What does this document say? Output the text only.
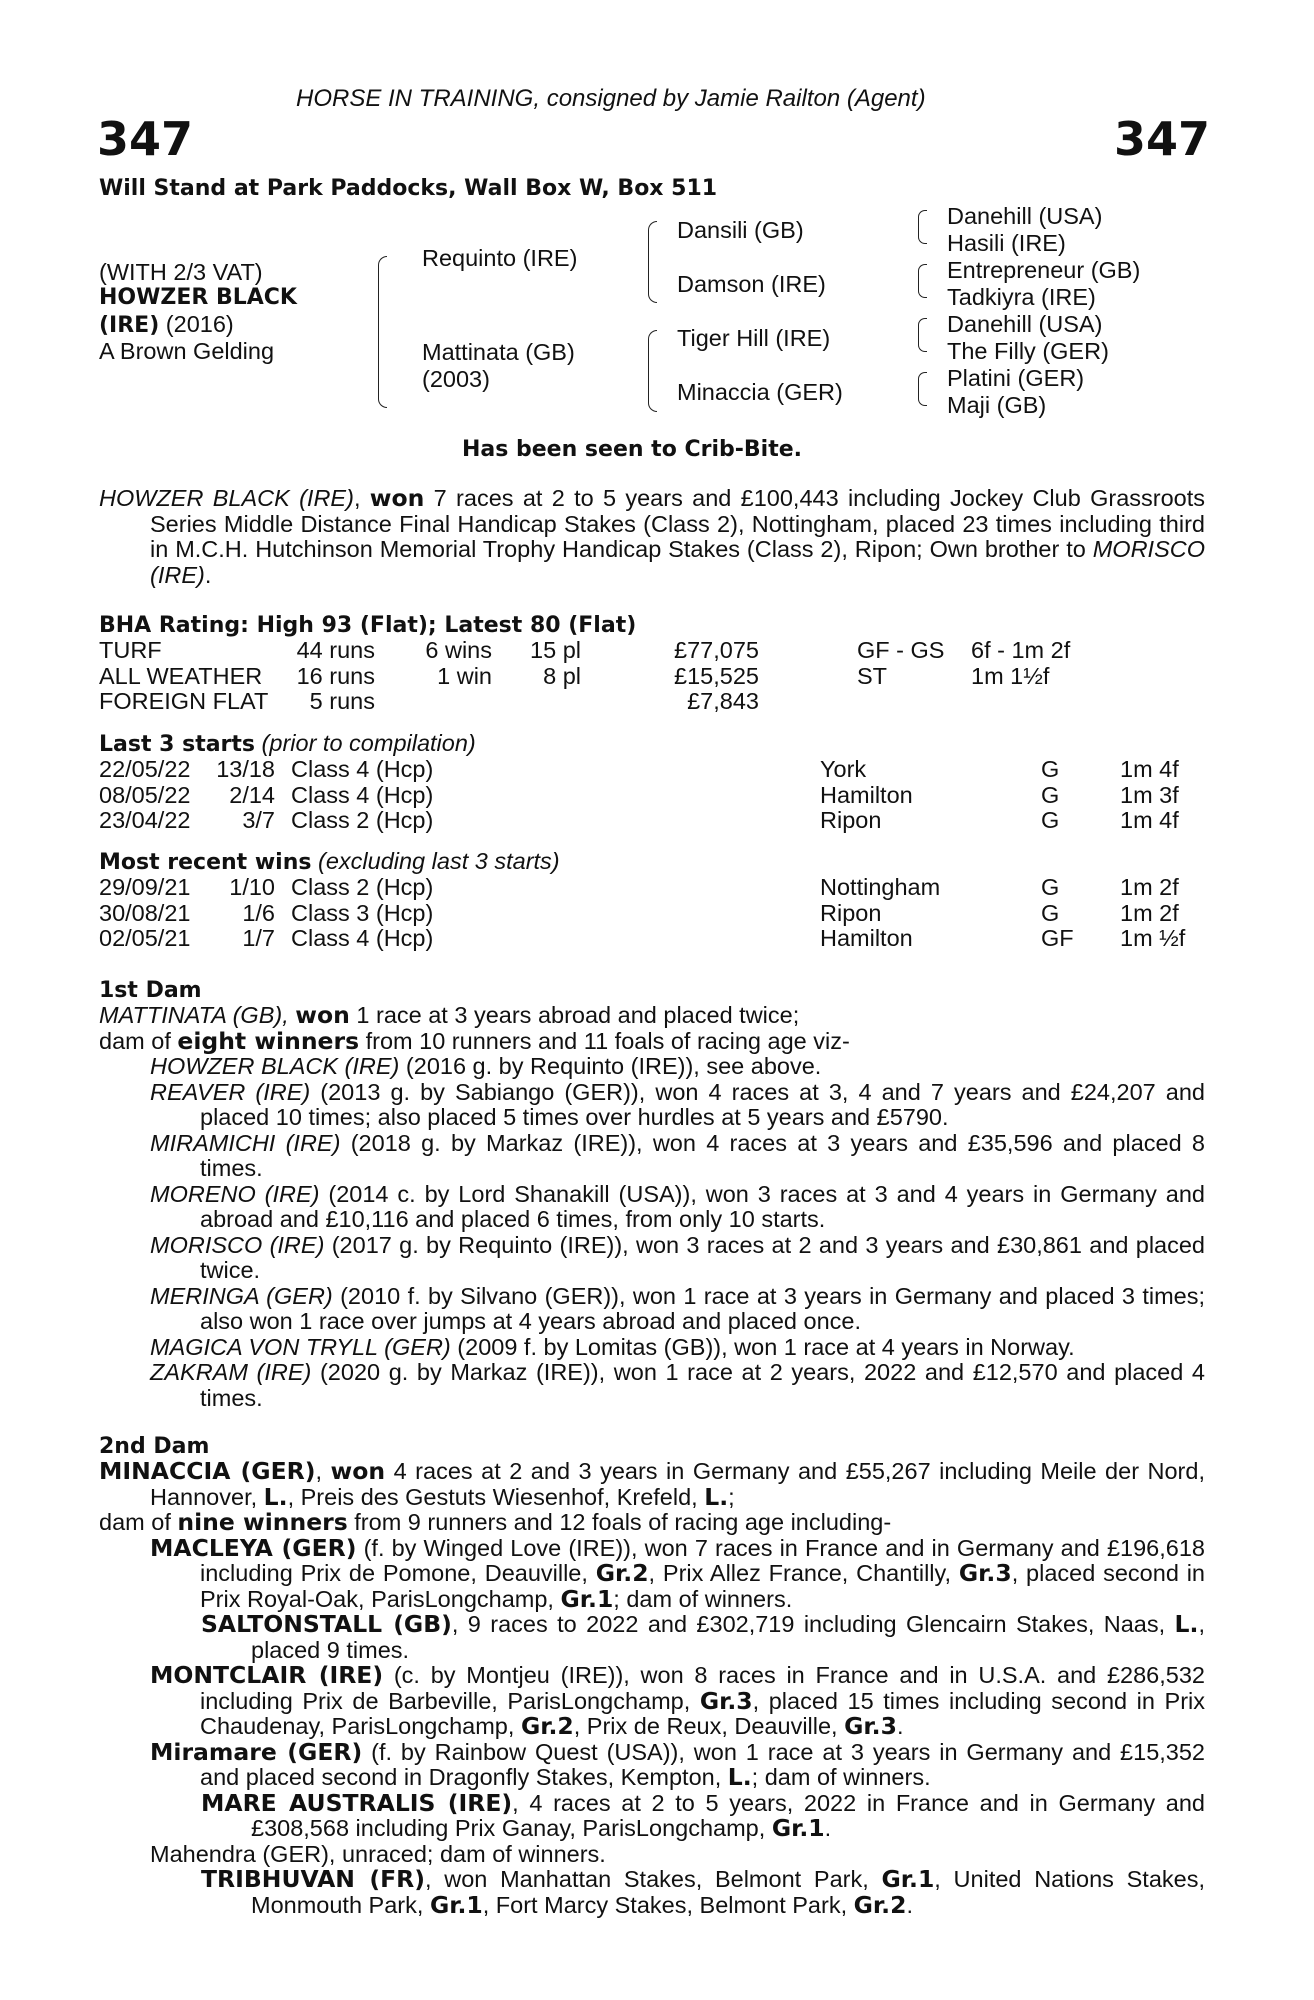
HORSE IN TRAINING, consigned by Jamie Railton (Agent)
347	347
Will Stand at Park Paddocks, Wall Box W, Box 511
(WITH 2/3 VAT)
HOWZER BLACK
(IRE) (2016)
A Brown Gelding
Requinto (IRE)
Mattinata (GB)
(2003)
Dansili (GB)
Damson (IRE)
Tiger Hill (IRE)
Minaccia (GER)
Danehill (USA)
Hasili (IRE)
Entrepreneur (GB)
Tadkiyra (IRE)
Danehill (USA)
The Filly (GER)
Platini (GER)
Maji (GB)
Has been seen to Crib-Bite.
HOWZER BLACK (IRE), won 7 races at 2 to 5 years and £100,443 including Jockey Club Grassroots Series Middle Distance Final Handicap Stakes (Class 2), Nottingham, placed 23 times including third in M.C.H. Hutchinson Memorial Trophy Handicap Stakes (Class 2), Ripon; Own brother to MORISCO (IRE).
BHA Rating: High 93 (Flat); Latest 80 (Flat)
TURF	44 runs 6 wins 15 pl	£77,075	GF - GS 6f - 1m 2f
ALL WEATHER 16 runs	1 win 8 pl	£15,525	ST	1m 1½f
FOREIGN FLAT 5 runs	£7,843
Last 3 starts (prior to compilation)
22/05/22 13/18 Class 4 (Hcp)	York	G	1m 4f
08/05/22 2/14 Class 4 (Hcp)	Hamilton	G	1m 3f
23/04/22 3/7 Class 2 (Hcp)	Ripon	G	1m 4f
Most recent wins (excluding last 3 starts)
29/09/21 1/10 Class 2 (Hcp)	Nottingham	G	1m 2f
30/08/21 1/6 Class 3 (Hcp)	Ripon	G	1m 2f
02/05/21 1/7 Class 4 (Hcp)	Hamilton	GF 1m ½f
1st Dam

MATTINATA (GB), won 1 race at 3 years abroad and placed twice;

dam of eight winners from 10 runners and 11 foals of racing age viz-

HOWZER BLACK (IRE) (2016 g. by Requinto (IRE)), see above.

REAVER (IRE) (2013 g. by Sabiango (GER)), won 4 races at 3, 4 and 7 years and £24,207 and placed 10 times; also placed 5 times over hurdles at 5 years and £5790.

MIRAMICHI (IRE) (2018 g. by Markaz (IRE)), won 4 races at 3 years and £35,596 and placed 8 times.

MORENO (IRE) (2014 c. by Lord Shanakill (USA)), won 3 races at 3 and 4 years in Germany and abroad and £10,116 and placed 6 times, from only 10 starts.

MORISCO (IRE) (2017 g. by Requinto (IRE)), won 3 races at 2 and 3 years and £30,861 and placed twice.

MERINGA (GER) (2010 f. by Silvano (GER)), won 1 race at 3 years in Germany and placed 3 times; also won 1 race over jumps at 4 years abroad and placed once.

MAGICA VON TRYLL (GER) (2009 f. by Lomitas (GB)), won 1 race at 4 years in Norway.

ZAKRAM (IRE) (2020 g. by Markaz (IRE)), won 1 race at 2 years, 2022 and £12,570 and placed 4 times.

2nd Dam

MINACCIA (GER), won 4 races at 2 and 3 years in Germany and £55,267 including Meile der Nord, Hannover, L., Preis des Gestuts Wiesenhof, Krefeld, L.;

dam of nine winners from 9 runners and 12 foals of racing age including-

MACLEYA (GER) (f. by Winged Love (IRE)), won 7 races in France and in Germany and £196,618 including Prix de Pomone, Deauville, Gr.2, Prix Allez France, Chantilly, Gr.3, placed second in Prix Royal-Oak, ParisLongchamp, Gr.1; dam of winners.

SALTONSTALL (GB), 9 races to 2022 and £302,719 including Glencairn Stakes, Naas, L., placed 9 times.

MONTCLAIR (IRE) (c. by Montjeu (IRE)), won 8 races in France and in U.S.A. and £286,532 including Prix de Barbeville, ParisLongchamp, Gr.3, placed 15 times including second in Prix Chaudenay, ParisLongchamp, Gr.2, Prix de Reux, Deauville, Gr.3.

Miramare (GER) (f. by Rainbow Quest (USA)), won 1 race at 3 years in Germany and £15,352 and placed second in Dragonfly Stakes, Kempton, L.; dam of winners.

MARE AUSTRALIS (IRE), 4 races at 2 to 5 years, 2022 in France and in Germany and £308,568 including Prix Ganay, ParisLongchamp, Gr.1.

Mahendra (GER), unraced; dam of winners.

TRIBHUVAN (FR), won Manhattan Stakes, Belmont Park, Gr.1, United Nations Stakes, Monmouth Park, Gr.1, Fort Marcy Stakes, Belmont Park, Gr.2.
